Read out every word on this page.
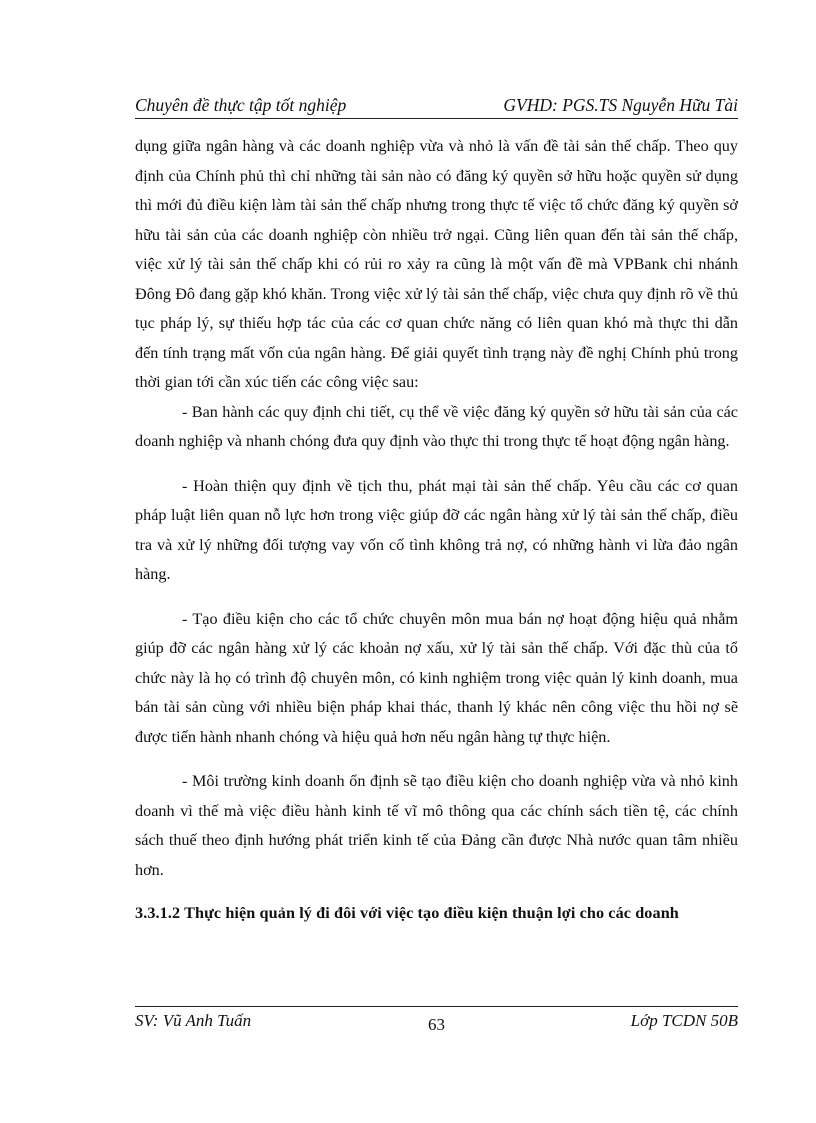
Chuyên đề thực tập tốt nghiệp	GVHD: PGS.TS Nguyễn Hữu Tài

dụng giữa ngân hàng và các doanh nghiệp vừa và nhỏ là vấn đề tài sản thế chấp. Theo quy định của Chính phủ thì chỉ những tài sản nào có đăng ký quyền sở hữu hoặc quyền sử dụng thì mới đủ điều kiện làm tài sản thế chấp nhưng trong thực tế việc tổ chức đăng ký quyền sở hữu tài sản của các doanh nghiệp còn nhiều trở ngại. Cũng liên quan đến tài sản thế chấp, việc xử lý tài sản thế chấp khi có rủi ro xảy ra cũng là một vấn đề mà VPBank chi nhánh Đông Đô đang gặp khó khăn. Trong việc xử lý tài sản thế chấp, việc chưa quy định rõ về thủ tục pháp lý, sự thiếu hợp tác của các cơ quan chức năng có liên quan khó mà thực thi dẫn đến tính trạng mất vốn của ngân hàng. Để giải quyết tình trạng này đề nghị Chính phủ trong thời gian tới cần xúc tiến các công việc sau:

- Ban hành các quy định chi tiết, cụ thể về việc đăng ký quyền sở hữu tài sản của các doanh nghiệp và nhanh chóng đưa quy định vào thực thi trong thực tế hoạt động ngân hàng.

- Hoàn thiện quy định về tịch thu, phát mại tài sản thế chấp. Yêu cầu các cơ quan pháp luật liên quan nỗ lực hơn trong việc giúp đỡ các ngân hàng xử lý tài sản thế chấp, điều tra và xử lý những đối tượng vay vốn cố tình không trả nợ, có những hành vi lừa đảo ngân hàng.

- Tạo điều kiện cho các tổ chức chuyên môn mua bán nợ hoạt động hiệu quả nhằm giúp đỡ các ngân hàng xử lý các khoản nợ xấu, xử lý tài sản thế chấp. Với đặc thù của tổ chức này là họ có trình độ chuyên môn, có kinh nghiệm trong việc quản lý kinh doanh, mua bán tài sản cùng với nhiều biện pháp khai thác, thanh lý khác nên công việc thu hồi nợ sẽ được tiến hành nhanh chóng và hiệu quả hơn nếu ngân hàng tự thực hiện.

- Môi trường kinh doanh ổn định sẽ tạo điều kiện cho doanh nghiệp vừa và nhỏ kinh doanh vì thế mà việc điều hành kinh tế vĩ mô thông qua các chính sách tiền tệ, các chính sách thuế theo định hướng phát triển kinh tế của Đảng cần được Nhà nước quan tâm nhiều hơn.

3.3.1.2 Thực hiện quản lý đi đôi với việc tạo điều kiện thuận lợi cho các doanh

SV: Vũ Anh Tuấn	63	Lớp TCDN 50B
